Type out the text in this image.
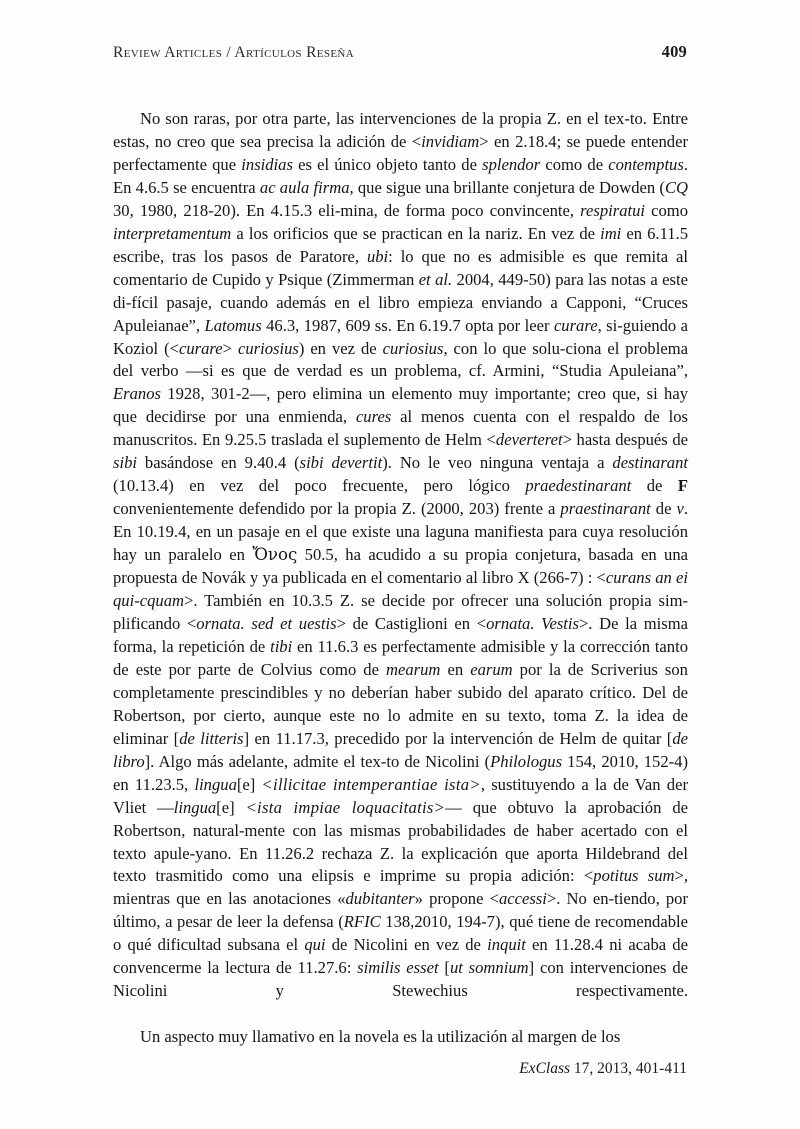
Review Articles / Artículos Reseña	409

No son raras, por otra parte, las intervenciones de la propia Z. en el tex-to. Entre estas, no creo que sea precisa la adición de <invidiam> en 2.18.4; se puede entender perfectamente que insidias es el único objeto tanto de splendor como de contemptus. En 4.6.5 se encuentra ac aula firma, que sigue una brillante conjetura de Dowden (CQ 30, 1980, 218-20). En 4.15.3 eli-mina, de forma poco convincente, respiratui como interpretamentum a los orificios que se practican en la nariz. En vez de imi en 6.11.5 escribe, tras los pasos de Paratore, ubi: lo que no es admisible es que remita al comentario de Cupido y Psique (Zimmerman et al. 2004, 449-50) para las notas a este di-fícil pasaje, cuando además en el libro empieza enviando a Capponi, “Cruces Apuleianae”, Latomus 46.3, 1987, 609 ss. En 6.19.7 opta por leer curare, si-guiendo a Koziol (<curare> curiosius) en vez de curiosius, con lo que solu-ciona el problema del verbo —si es que de verdad es un problema, cf. Armini, “Studia Apuleiana”, Eranos 1928, 301-2—, pero elimina un elemento muy importante; creo que, si hay que decidirse por una enmienda, cures al menos cuenta con el respaldo de los manuscritos. En 9.25.5 traslada el suplemento de Helm <deverteret> hasta después de sibi basándose en 9.40.4 (sibi devertit). No le veo ninguna ventaja a destinarant (10.13.4) en vez del poco frecuente, pero lógico praedestinarant de F convenientemente defendido por la propia Z. (2000, 203) frente a praestinarant de v. En 10.19.4, en un pasaje en el que existe una laguna manifiesta para cuya resolución hay un paralelo en Ὄνος 50.5, ha acudido a su propia conjetura, basada en una propuesta de Novák y ya publicada en el comentario al libro X (266-7) : <curans an ei qui-cquam>. También en 10.3.5 Z. se decide por ofrecer una solución propia sim-plificando <ornata. sed et uestis> de Castiglioni en <ornata. Vestis>. De la misma forma, la repetición de tibi en 11.6.3 es perfectamente admisible y la corrección tanto de este por parte de Colvius como de mearum en earum por la de Scriverius son completamente prescindibles y no deberían haber subido del aparato crítico. Del de Robertson, por cierto, aunque este no lo admite en su texto, toma Z. la idea de eliminar [de litteris] en 11.17.3, precedido por la intervención de Helm de quitar [de libro]. Algo más adelante, admite el tex-to de Nicolini (Philologus 154, 2010, 152-4) en 11.23.5, lingua[e] <illicitae intemperantiae ista>, sustituyendo a la de Van der Vliet —lingua[e] <ista impiae loquacitatis>— que obtuvo la aprobación de Robertson, natural-mente con las mismas probabilidades de haber acertado con el texto apule-yano. En 11.26.2 rechaza Z. la explicación que aporta Hildebrand del texto trasmitido como una elipsis e imprime su propia adición: <potitus sum>, mientras que en las anotaciones «dubitanter» propone <accessi>. No en-tiendo, por último, a pesar de leer la defensa (RFIC 138,2010, 194-7), qué tiene de recomendable o qué dificultad subsana el qui de Nicolini en vez de inquit en 11.28.4 ni acaba de convencerme la lectura de 11.27.6: similis esset [ut somnium] con intervenciones de Nicolini y Stewechius respectivamente.

Un aspecto muy llamativo en la novela es la utilización al margen de los

ExClass 17, 2013, 401-411
